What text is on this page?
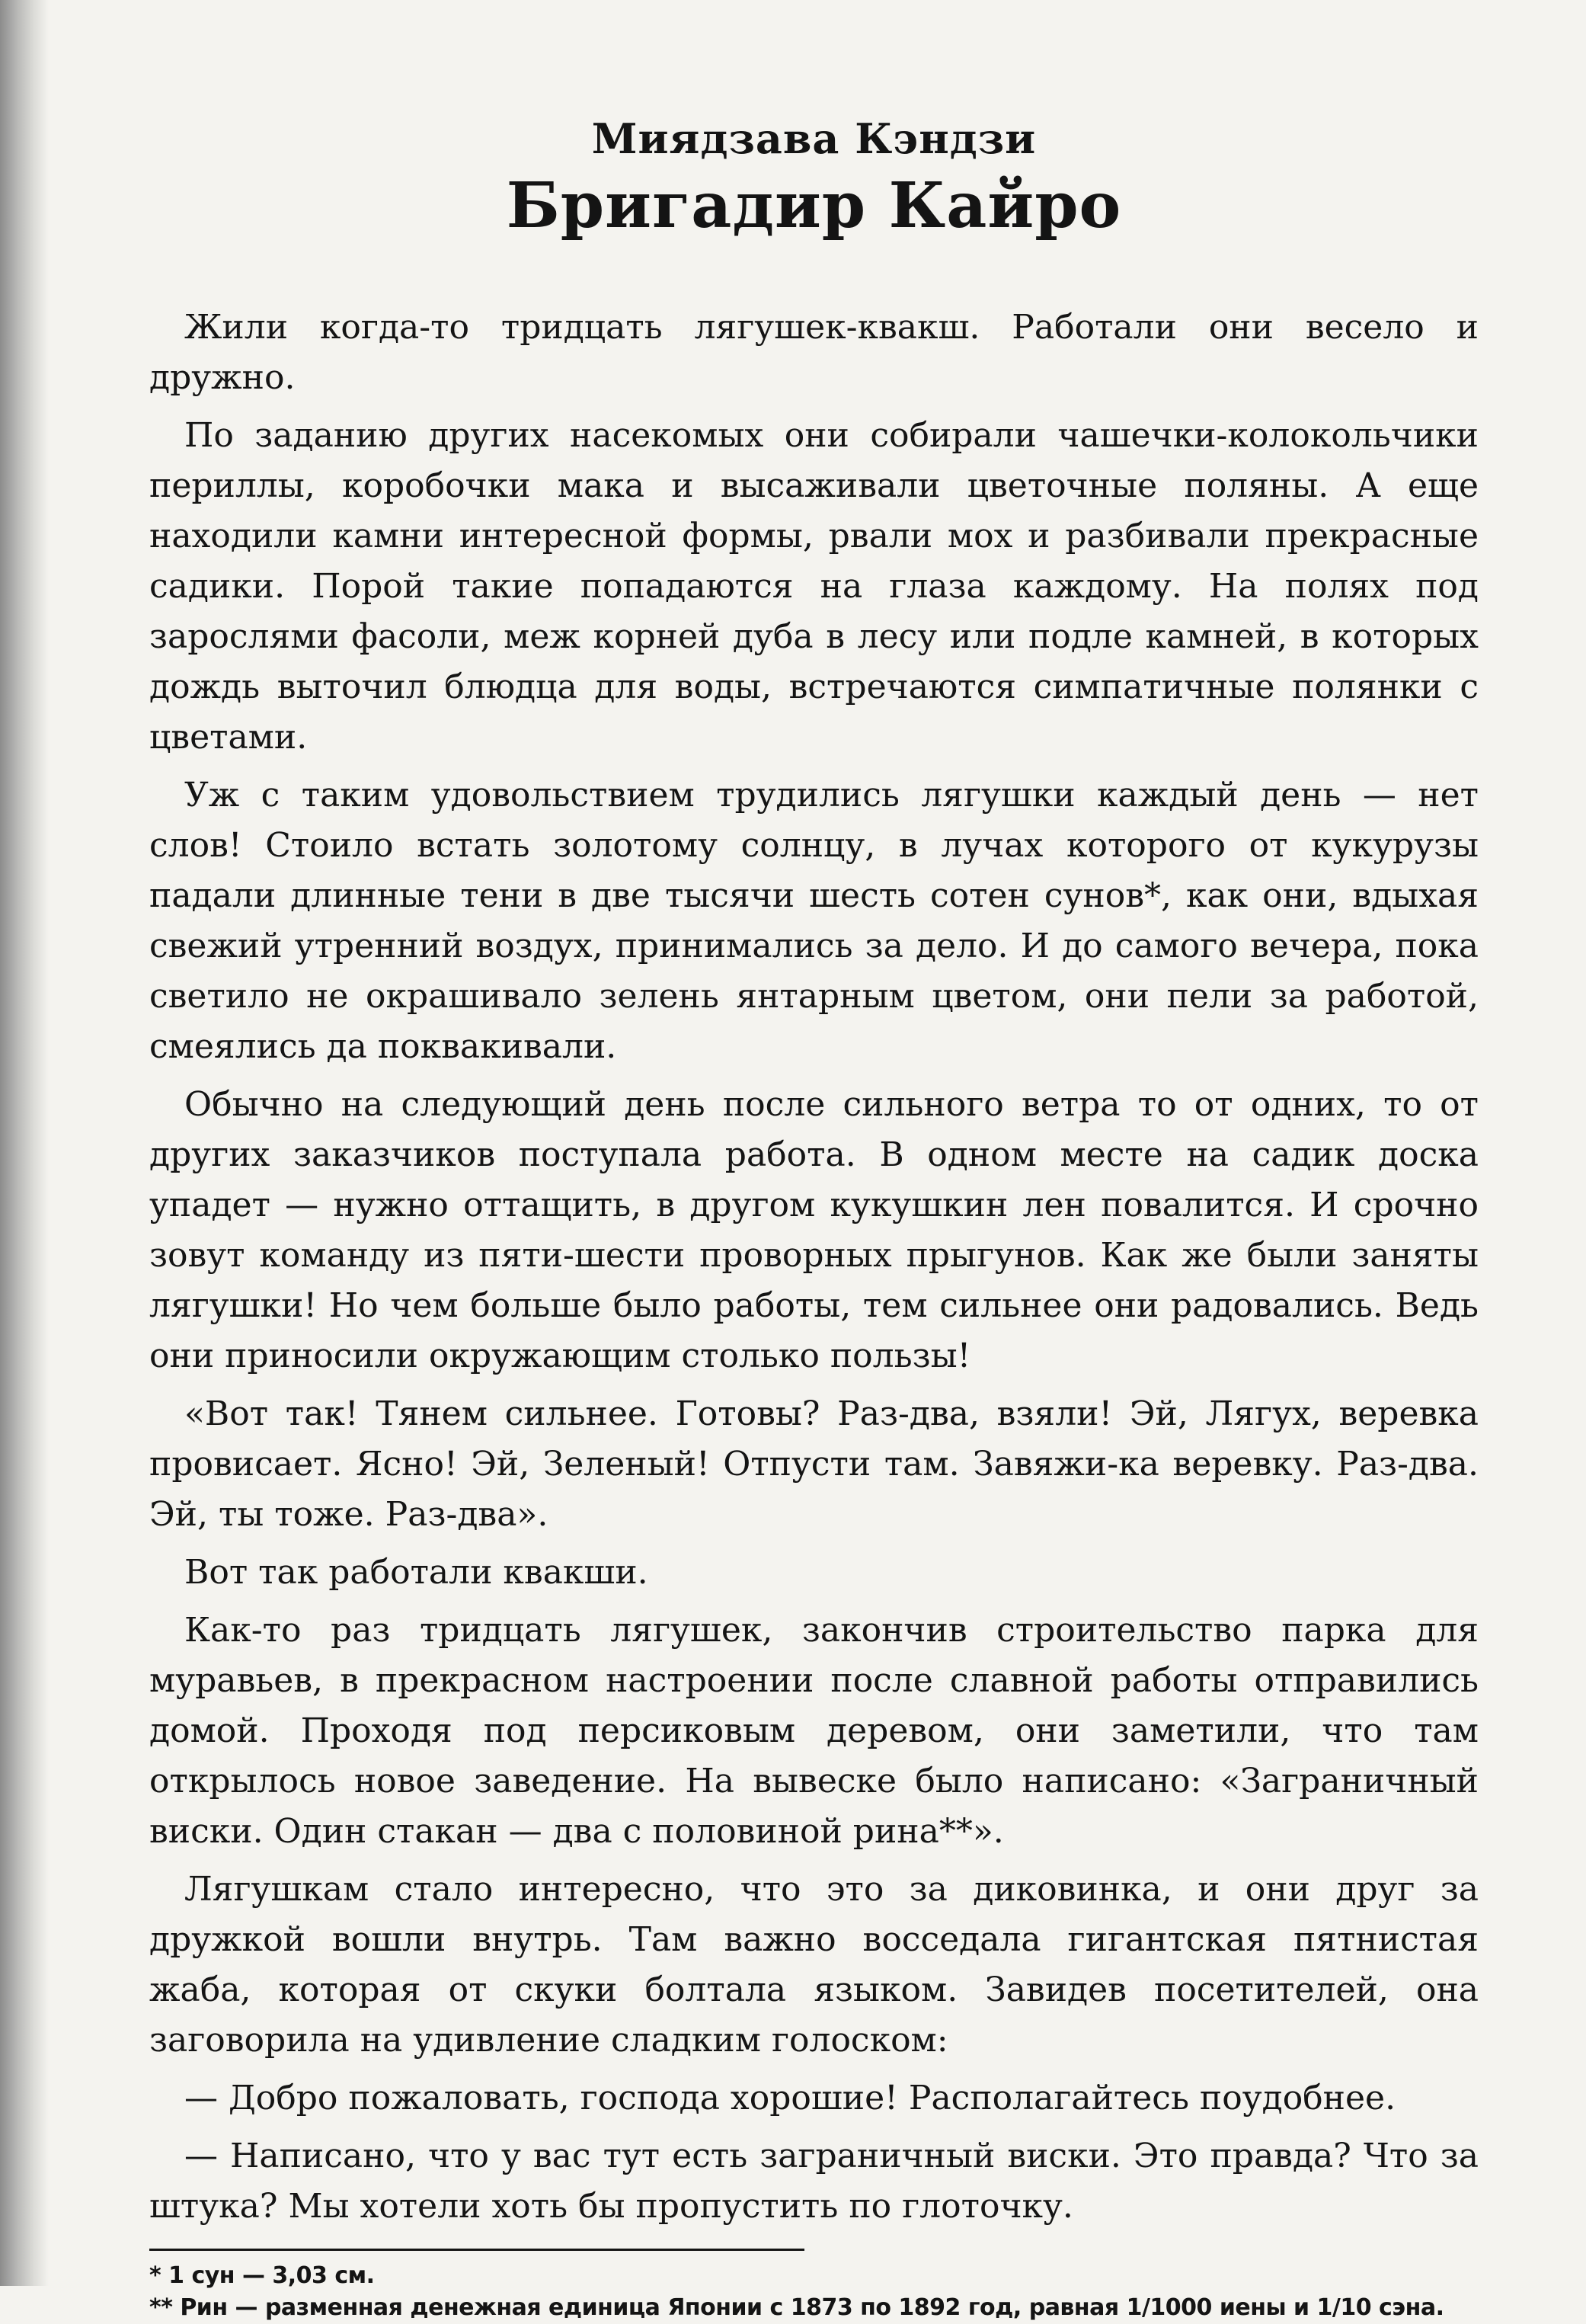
Миядзава Кэндзи
Бригадир Кайро

Жили когда-то тридцать лягушек-квакш. Работали они весело и дружно.

По заданию других насекомых они собирали чашечки-колокольчики периллы, коробочки мака и высаживали цветочные поляны. А еще находили камни интересной формы, рвали мох и разбивали прекрасные садики. Порой такие попадаются на глаза каждому. На полях под зарослями фасоли, меж корней дуба в лесу или подле камней, в которых дождь выточил блюдца для воды, встречаются симпатичные полянки с цветами.

Уж с таким удовольствием трудились лягушки каждый день — нет слов! Стоило встать золотому солнцу, в лучах которого от кукурузы падали длинные тени в две тысячи шесть сотен сунов*, как они, вдыхая свежий утренний воздух, принимались за дело. И до самого вечера, пока светило не окрашивало зелень янтарным цветом, они пели за работой, смеялись да поквакивали.

Обычно на следующий день после сильного ветра то от одних, то от других заказчиков поступала работа. В одном месте на садик доска упадет — нужно оттащить, в другом кукушкин лен повалится. И срочно зовут команду из пяти-шести проворных прыгунов. Как же были заняты лягушки! Но чем больше было работы, тем сильнее они радовались. Ведь они приносили окружающим столько пользы!

«Вот так! Тянем сильнее. Готовы? Раз-два, взяли! Эй, Лягух, веревка провисает. Ясно! Эй, Зеленый! Отпусти там. Завяжи-ка веревку. Раз-два. Эй, ты тоже. Раз-два».

Вот так работали квакши.

Как-то раз тридцать лягушек, закончив строительство парка для муравьев, в прекрасном настроении после славной работы отправились домой. Проходя под персиковым деревом, они заметили, что там открылось новое заведение. На вывеске было написано: «Заграничный виски. Один стакан — два с половиной рина**».

Лягушкам стало интересно, что это за диковинка, и они друг за дружкой вошли внутрь. Там важно восседала гигантская пятнистая жаба, которая от скуки болтала языком. Завидев посетителей, она заговорила на удивление сладким голоском:

— Добро пожаловать, господа хорошие! Располагайтесь поудобнее.

— Написано, что у вас тут есть заграничный виски. Это правда? Что за штука? Мы хотели хоть бы пропустить по глоточку.

* 1 сун — 3,03 см.

** Рин — разменная денежная единица Японии с 1873 по 1892 год, равная 1/1000 иены и 1/10 сэна.
